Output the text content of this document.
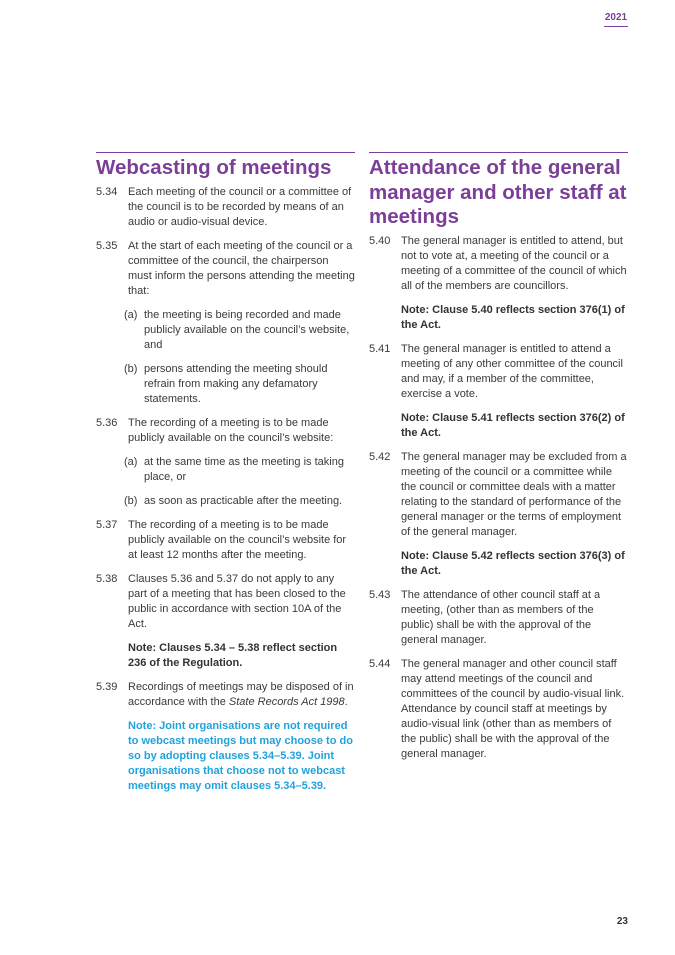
2021
Webcasting of meetings
5.34 Each meeting of the council or a committee of the council is to be recorded by means of an audio or audio-visual device.
5.35 At the start of each meeting of the council or a committee of the council, the chairperson must inform the persons attending the meeting that:
(a) the meeting is being recorded and made publicly available on the council’s website, and
(b) persons attending the meeting should refrain from making any defamatory statements.
5.36 The recording of a meeting is to be made publicly available on the council’s website:
(a) at the same time as the meeting is taking place, or
(b) as soon as practicable after the meeting.
5.37 The recording of a meeting is to be made publicly available on the council’s website for at least 12 months after the meeting.
5.38 Clauses 5.36 and 5.37 do not apply to any part of a meeting that has been closed to the public in accordance with section 10A of the Act.
Note: Clauses 5.34 – 5.38 reflect section 236 of the Regulation.
5.39 Recordings of meetings may be disposed of in accordance with the State Records Act 1998.
Note: Joint organisations are not required to webcast meetings but may choose to do so by adopting clauses 5.34–5.39. Joint organisations that choose not to webcast meetings may omit clauses 5.34–5.39.
Attendance of the general manager and other staff at meetings
5.40 The general manager is entitled to attend, but not to vote at, a meeting of the council or a meeting of a committee of the council of which all of the members are councillors.
Note: Clause 5.40 reflects section 376(1) of the Act.
5.41 The general manager is entitled to attend a meeting of any other committee of the council and may, if a member of the committee, exercise a vote.
Note: Clause 5.41 reflects section 376(2) of the Act.
5.42 The general manager may be excluded from a meeting of the council or a committee while the council or committee deals with a matter relating to the standard of performance of the general manager or the terms of employment of the general manager.
Note: Clause 5.42 reflects section 376(3) of the Act.
5.43 The attendance of other council staff at a meeting, (other than as members of the public) shall be with the approval of the general manager.
5.44 The general manager and other council staff may attend meetings of the council and committees of the council by audio-visual link. Attendance by council staff at meetings by audio-visual link (other than as members of the public) shall be with the approval of the general manager.
23
